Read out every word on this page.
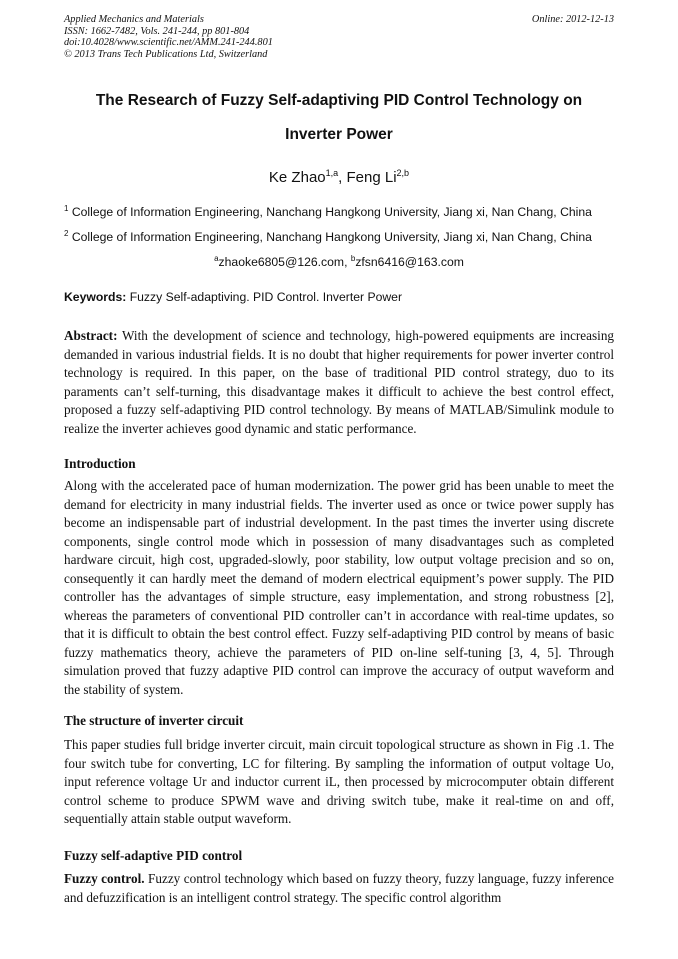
Applied Mechanics and Materials
ISSN: 1662-7482, Vols. 241-244, pp 801-804
doi:10.4028/www.scientific.net/AMM.241-244.801
© 2013 Trans Tech Publications Ltd, Switzerland
Online: 2012-12-13
The Research of Fuzzy Self-adaptiving PID Control Technology on
Inverter Power
Ke Zhao$^{1,a}$, Feng Li$^{2,b}$
$^1$ College of Information Engineering, Nanchang Hangkong University, Jiang xi, Nan Chang, China
$^2$ College of Information Engineering, Nanchang Hangkong University, Jiang xi, Nan Chang, China
$^a$zhaoke6805@126.com, $^b$zfsn6416@163.com
Keywords: Fuzzy Self-adaptiving. PID Control. Inverter Power
Abstract: With the development of science and technology, high-powered equipments are increasing demanded in various industrial fields. It is no doubt that higher requirements for power inverter control technology is required. In this paper, on the base of traditional PID control strategy, duo to its paraments can’t self-turning, this disadvantage makes it difficult to achieve the best control effect, proposed a fuzzy self-adaptiving PID control technology. By means of MATLAB/Simulink module to realize the inverter achieves good dynamic and static performance.
Introduction
Along with the accelerated pace of human modernization. The power grid has been unable to meet the demand for electricity in many industrial fields. The inverter used as once or twice power supply has become an indispensable part of industrial development. In the past times the inverter using discrete components, single control mode which in possession of many disadvantages such as completed hardware circuit, high cost, upgraded-slowly, poor stability, low output voltage precision and so on, consequently it can hardly meet the demand of modern electrical equipment’s power supply. The PID controller has the advantages of simple structure, easy implementation, and strong robustness [2], whereas the parameters of conventional PID controller can’t in accordance with real-time updates, so that it is difficult to obtain the best control effect. Fuzzy self-adaptiving PID control by means of basic fuzzy mathematics theory, achieve the parameters of PID on-line self-tuning [3, 4, 5]. Through simulation proved that fuzzy adaptive PID control can improve the accuracy of output waveform and the stability of system.
The structure of inverter circuit
This paper studies full bridge inverter circuit, main circuit topological structure as shown in Fig .1. The four switch tube for converting, LC for filtering. By sampling the information of output voltage Uo, input reference voltage Ur and inductor current iL, then processed by microcomputer obtain different control scheme to produce SPWM wave and driving switch tube, make it real-time on and off, sequentially attain stable output waveform.
Fuzzy self-adaptive PID control
Fuzzy control. Fuzzy control technology which based on fuzzy theory, fuzzy language, fuzzy inference and defuzzification is an intelligent control strategy. The specific control algorithm
